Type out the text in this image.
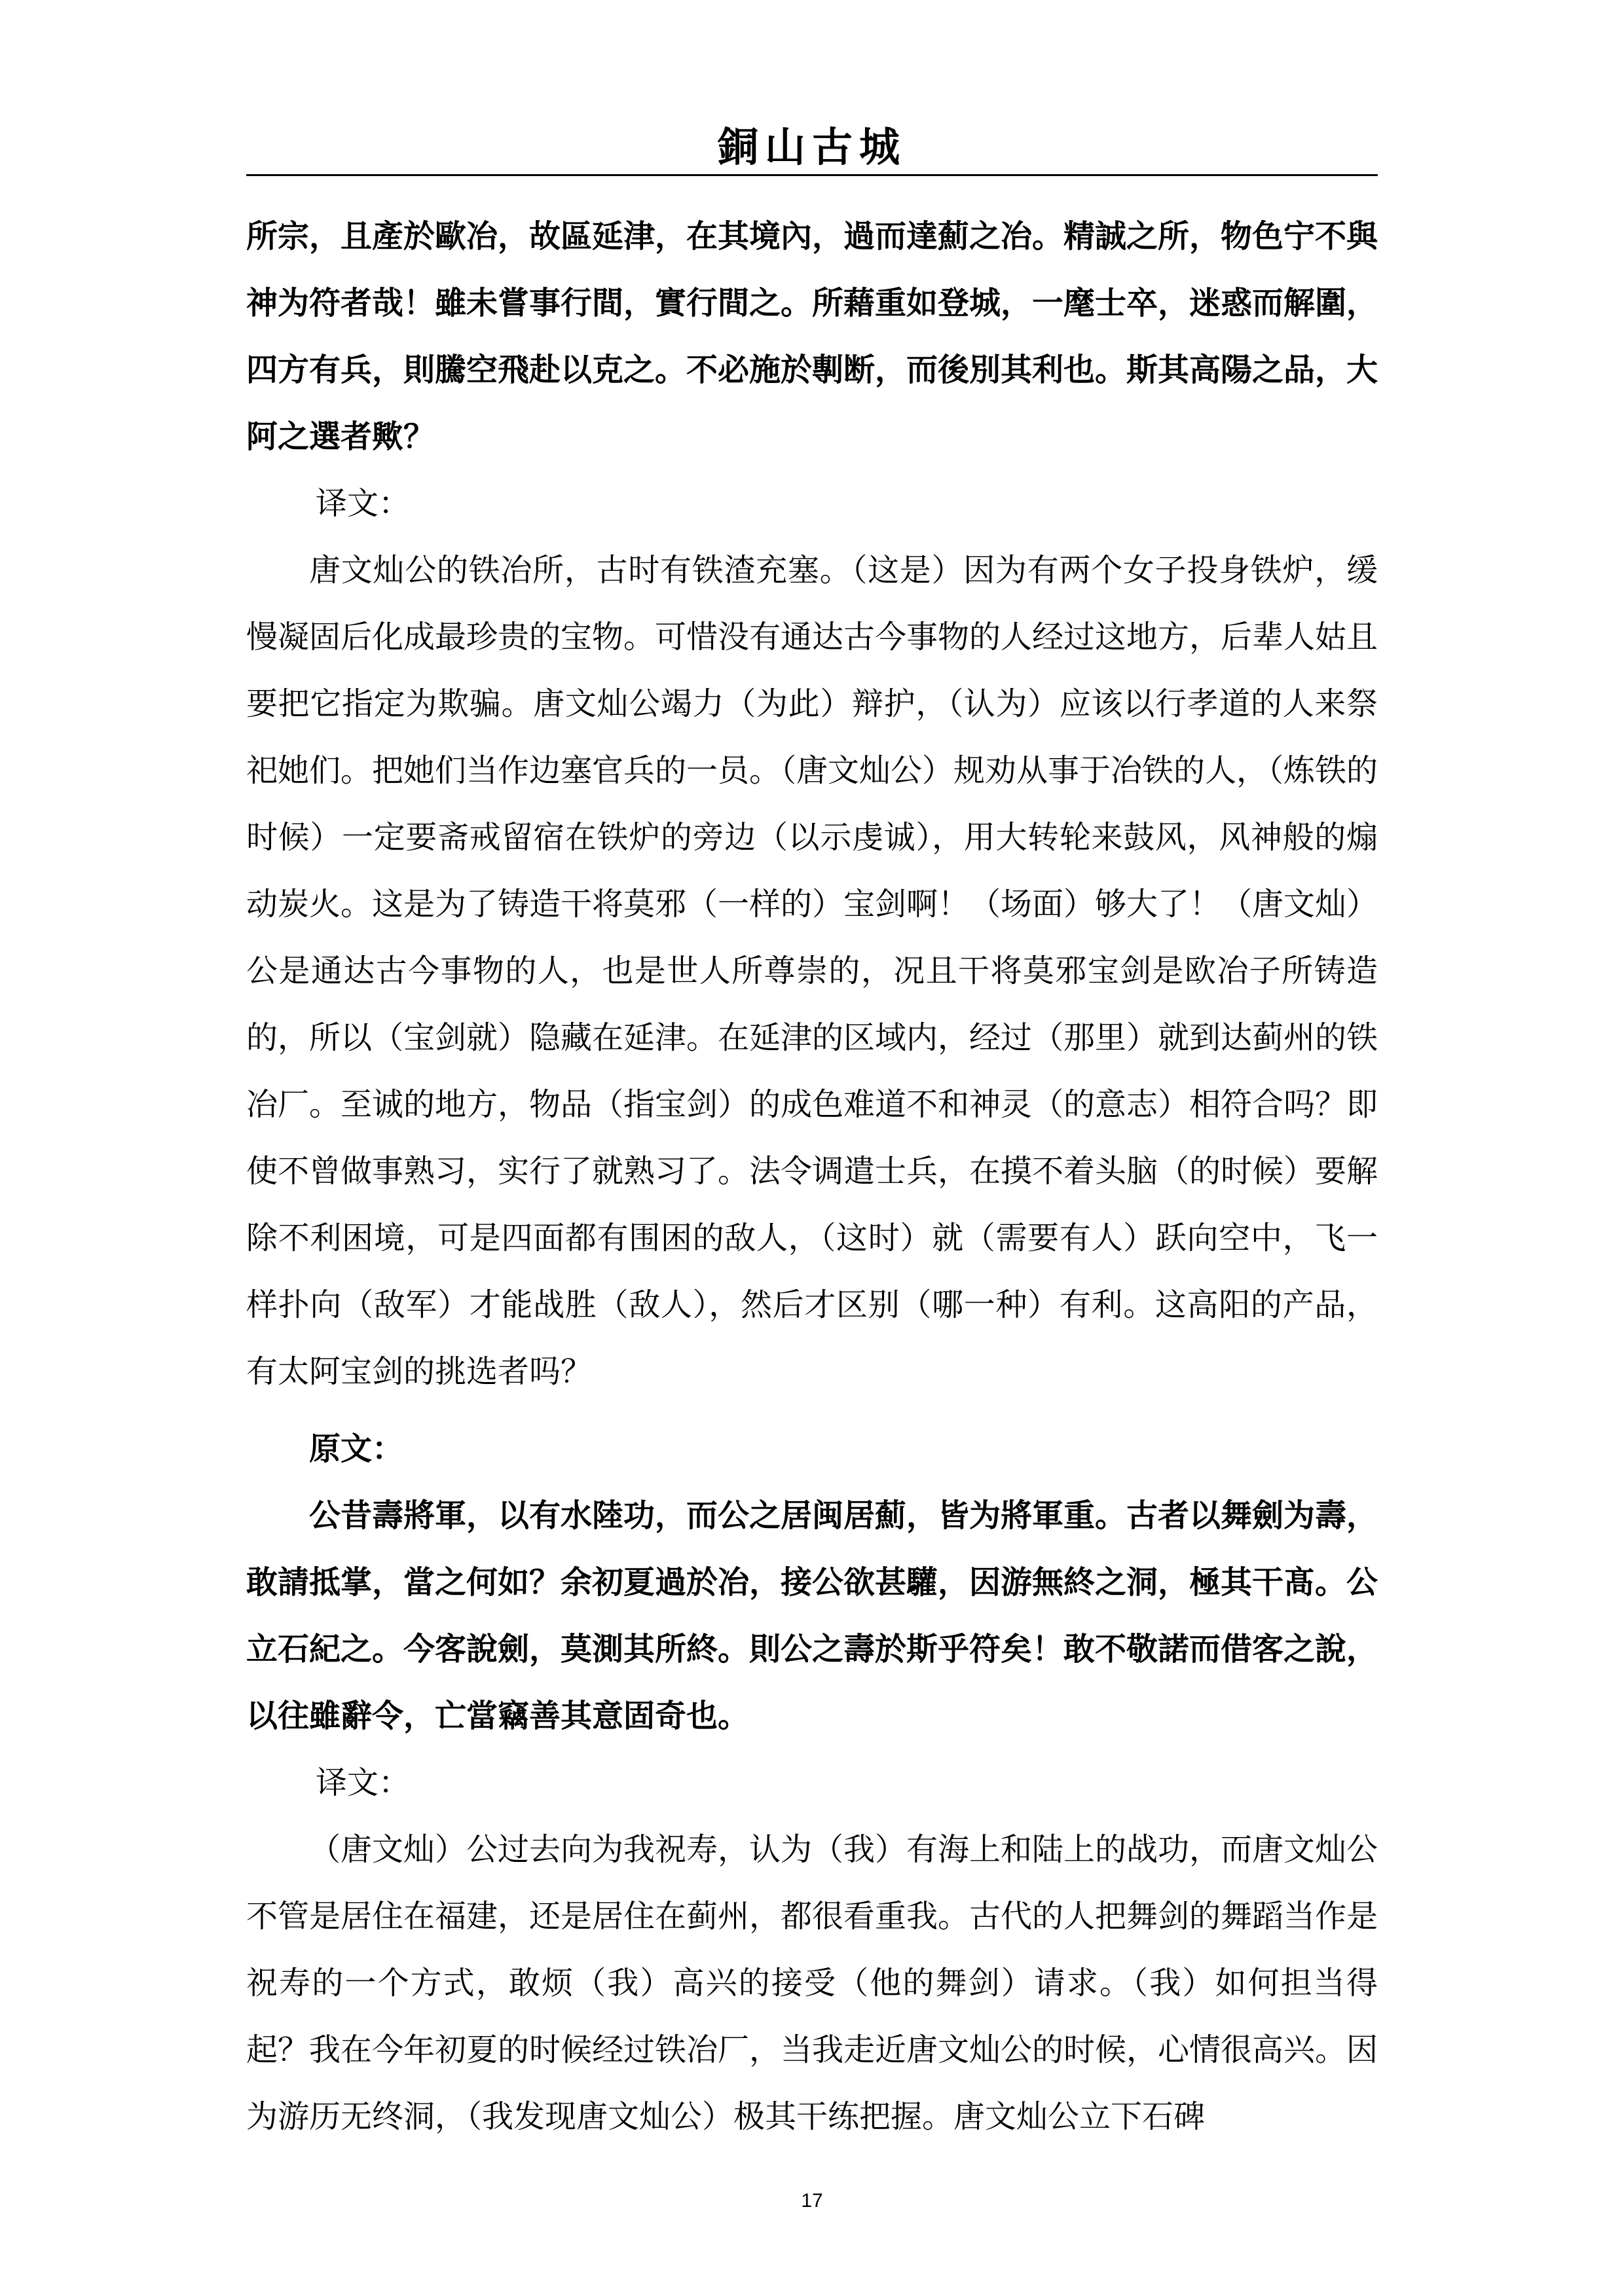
銅山古城

所宗，且產於歐冶，故區延津，在其境內，過而達薊之冶。精誠之所，物色宁不與神为符者哉！雖未嘗事行間，實行間之。所藉重如登城，一麾士卒，迷惑而解圍，四方有兵，則騰空飛赴以克之。不必施於剸断，而後別其利也。斯其高陽之品，大阿之選者歟？

译文：

唐文灿公的铁冶所，古时有铁渣充塞。（这是）因为有两个女子投身铁炉，缓慢凝固后化成最珍贵的宝物。可惜没有通达古今事物的人经过这地方，后辈人姑且要把它指定为欺骗。唐文灿公竭力（为此）辩护，（认为）应该以行孝道的人来祭祀她们。把她们当作边塞官兵的一员。（唐文灿公）规劝从事于冶铁的人，（炼铁的时候）一定要斋戒留宿在铁炉的旁边（以示虔诚），用大转轮来鼓风，风神般的煽动炭火。这是为了铸造干将莫邪（一样的）宝剑啊！（场面）够大了！（唐文灿）公是通达古今事物的人，也是世人所尊崇的，况且干将莫邪宝剑是欧冶子所铸造的，所以（宝剑就）隐藏在延津。在延津的区域内，经过（那里）就到达蓟州的铁冶厂。至诚的地方，物品（指宝剑）的成色难道不和神灵（的意志）相符合吗？即使不曾做事熟习，实行了就熟习了。法令调遣士兵，在摸不着头脑（的时候）要解除不利困境，可是四面都有围困的敌人，（这时）就（需要有人）跃向空中，飞一样扑向（敌军）才能战胜（敌人），然后才区别（哪一种）有利。这高阳的产品，有太阿宝剑的挑选者吗？

原文：

公昔壽將軍，以有水陸功，而公之居闽居薊，皆为將軍重。古者以舞劍为壽，敢請抵掌，當之何如？余初夏過於冶，接公欲甚驩，因游無終之洞，極其干髙。公立石紀之。今客說劍，莫測其所終。則公之壽於斯乎符矣！敢不敬諾而借客之說，以往雖辭令，亡當竊善其意固奇也。

译文：

（唐文灿）公过去向为我祝寿，认为（我）有海上和陆上的战功，而唐文灿公不管是居住在福建，还是居住在蓟州，都很看重我。古代的人把舞剑的舞蹈当作是祝寿的一个方式，敢烦（我）高兴的接受（他的舞剑）请求。（我）如何担当得起？我在今年初夏的时候经过铁冶厂，当我走近唐文灿公的时候，心情很高兴。因为游历无终洞，（我发现唐文灿公）极其干练把握。唐文灿公立下石碑

17
